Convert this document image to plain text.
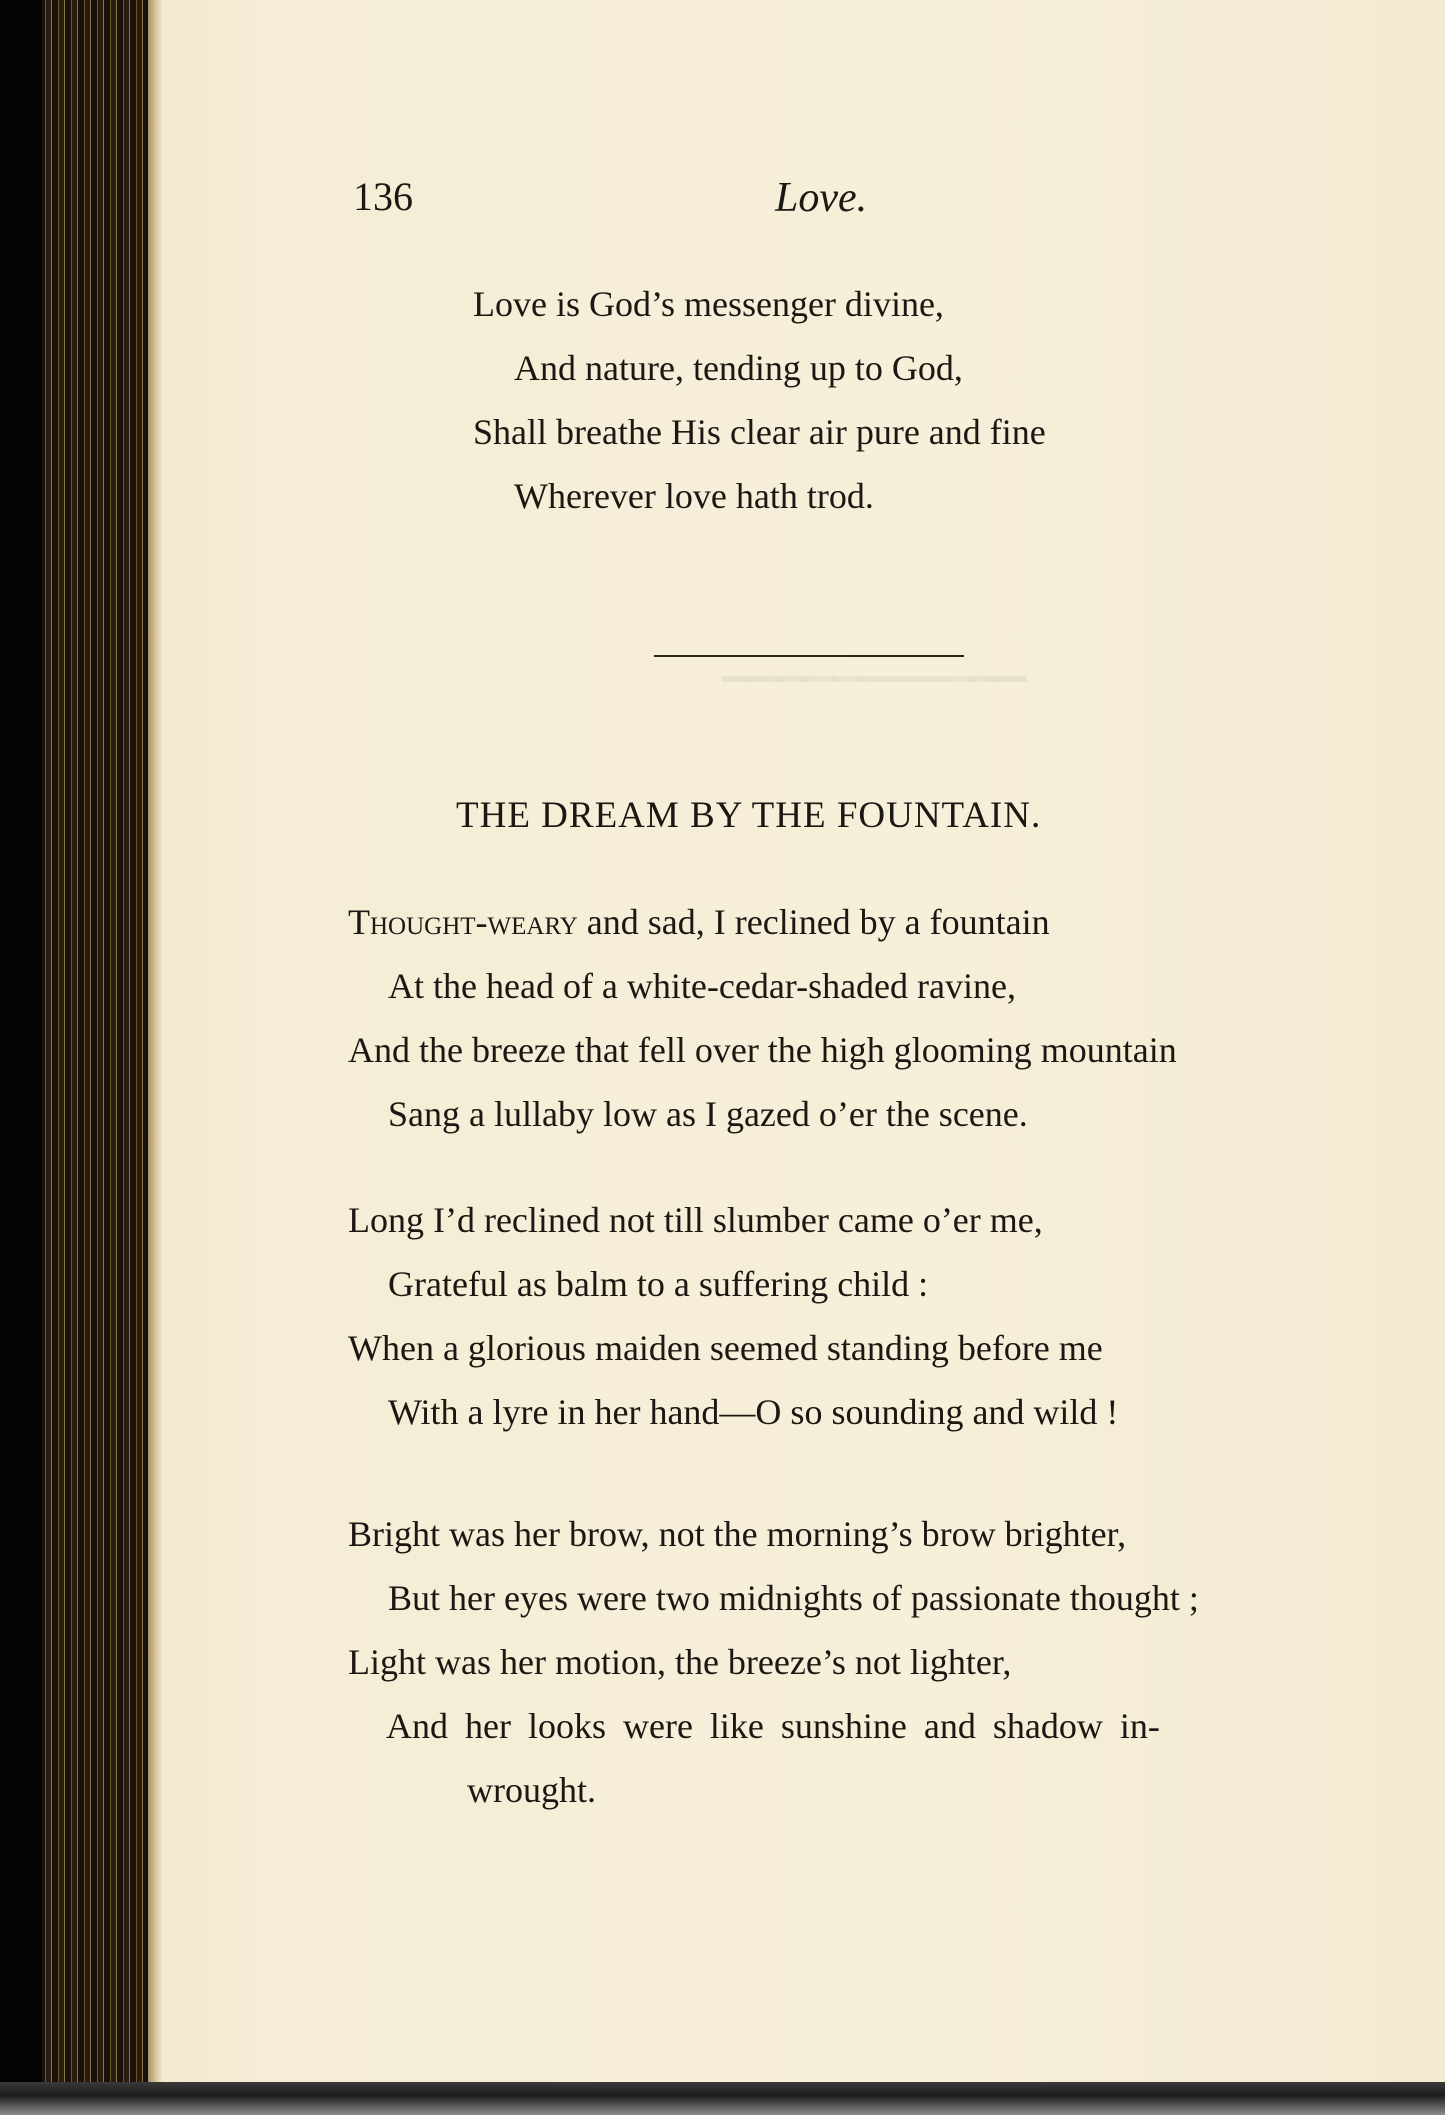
▁▁▁▁▁▁▁▁▁▁▁
136	Love.
Love is God’s messenger divine,
And nature, tending up to God,
Shall breathe His clear air pure and fine
Wherever love hath trod.
THE DREAM BY THE FOUNTAIN.
Thought-weary and sad, I reclined by a fountain
At the head of a white-cedar-shaded ravine,
And the breeze that fell over the high glooming mountain
Sang a lullaby low as I gazed o’er the scene.
Long I’d reclined not till slumber came o’er me,
Grateful as balm to a suffering child :
When a glorious maiden seemed standing before me
With a lyre in her hand—O so sounding and wild !
Bright was her brow, not the morning’s brow brighter,
But her eyes were two midnights of passionate thought ;
Light was her motion, the breeze’s not lighter,
And her looks were like sunshine and shadow in-
wrought.
